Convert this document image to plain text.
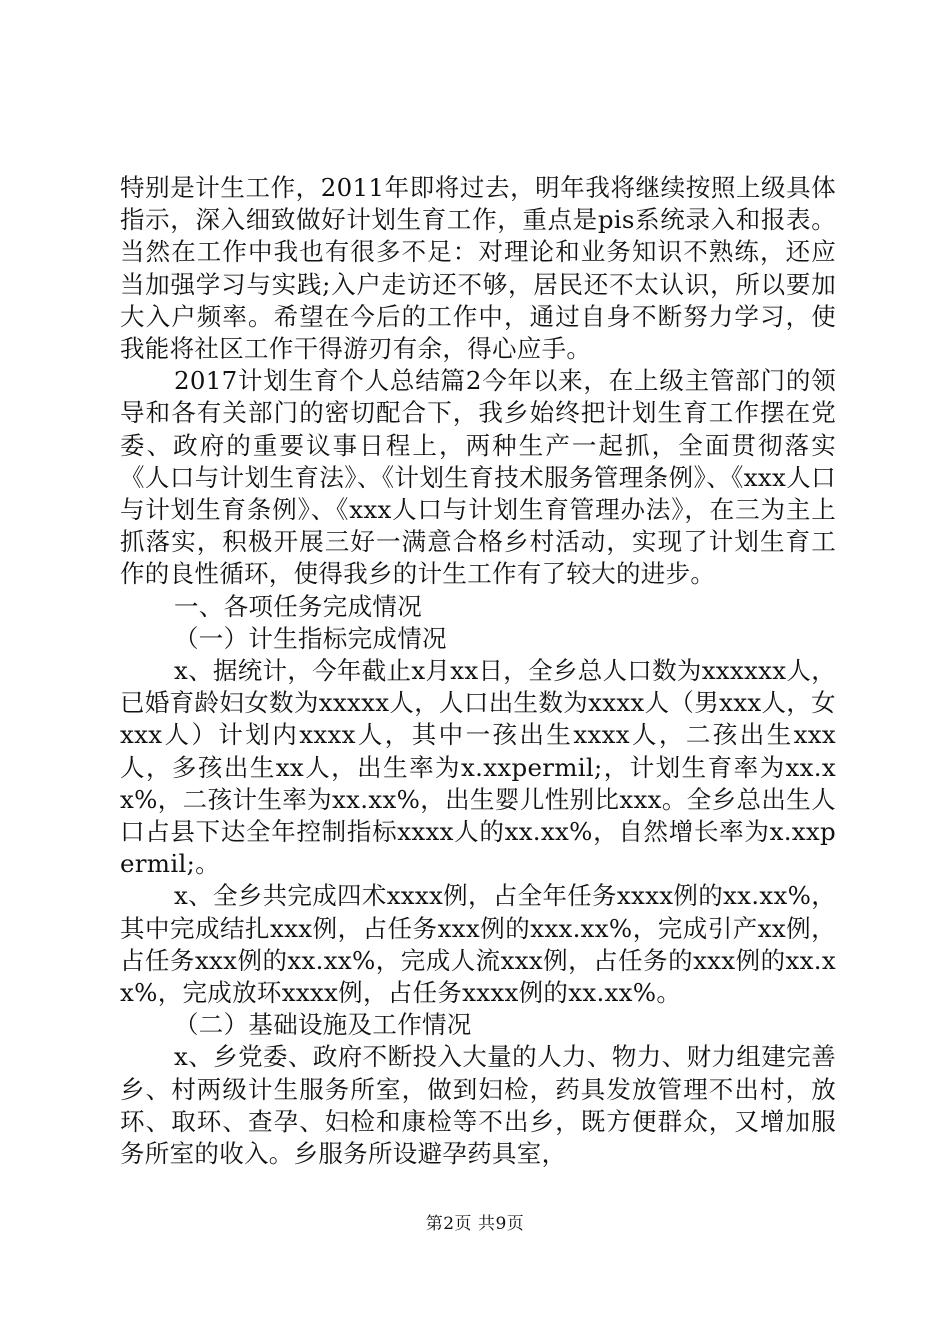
特别是计生工作，2011年即将过去，明年我将继续按照上级具体指示，深入细致做好计划生育工作，重点是pis系统录入和报表。当然在工作中我也有很多不足：对理论和业务知识不熟练，还应当加强学习与实践;入户走访还不够，居民还不太认识，所以要加大入户频率。希望在今后的工作中，通过自身不断努力学习，使我能将社区工作干得游刃有余，得心应手。

2017计划生育个人总结篇2今年以来，在上级主管部门的领导和各有关部门的密切配合下，我乡始终把计划生育工作摆在党委、政府的重要议事日程上，两种生产一起抓，全面贯彻落实《人口与计划生育法》、《计划生育技术服务管理条例》、《xxx人口与计划生育条例》、《xxx人口与计划生育管理办法》，在三为主上抓落实，积极开展三好一满意合格乡村活动，实现了计划生育工作的良性循环，使得我乡的计生工作有了较大的进步。

一、各项任务完成情况

（一）计生指标完成情况

x、据统计，今年截止x月xx日，全乡总人口数为xxxxxx人，已婚育龄妇女数为xxxxx人，人口出生数为xxxx人（男xxx人，女xxx人）计划内xxxx人，其中一孩出生xxxx人，二孩出生xxx人，多孩出生xx人，出生率为x.xxpermil;，计划生育率为xx.xx%，二孩计生率为xx.xx%，出生婴儿性别比xxx。全乡总出生人口占县下达全年控制指标xxxx人的xx.xx%，自然增长率为x.xxpermil;。

x、全乡共完成四术xxxx例，占全年任务xxxx例的xx.xx%，其中完成结扎xxx例，占任务xxx例的xxx.xx%，完成引产xx例，占任务xxx例的xx.xx%，完成人流xxx例，占任务的xxx例的xx.xx%，完成放环xxxx例，占任务xxxx例的xx.xx%。

（二）基础设施及工作情况

x、乡党委、政府不断投入大量的人力、物力、财力组建完善乡、村两级计生服务所室，做到妇检，药具发放管理不出村，放环、取环、查孕、妇检和康检等不出乡，既方便群众，又增加服务所室的收入。乡服务所设避孕药具室，

第2页 共9页
